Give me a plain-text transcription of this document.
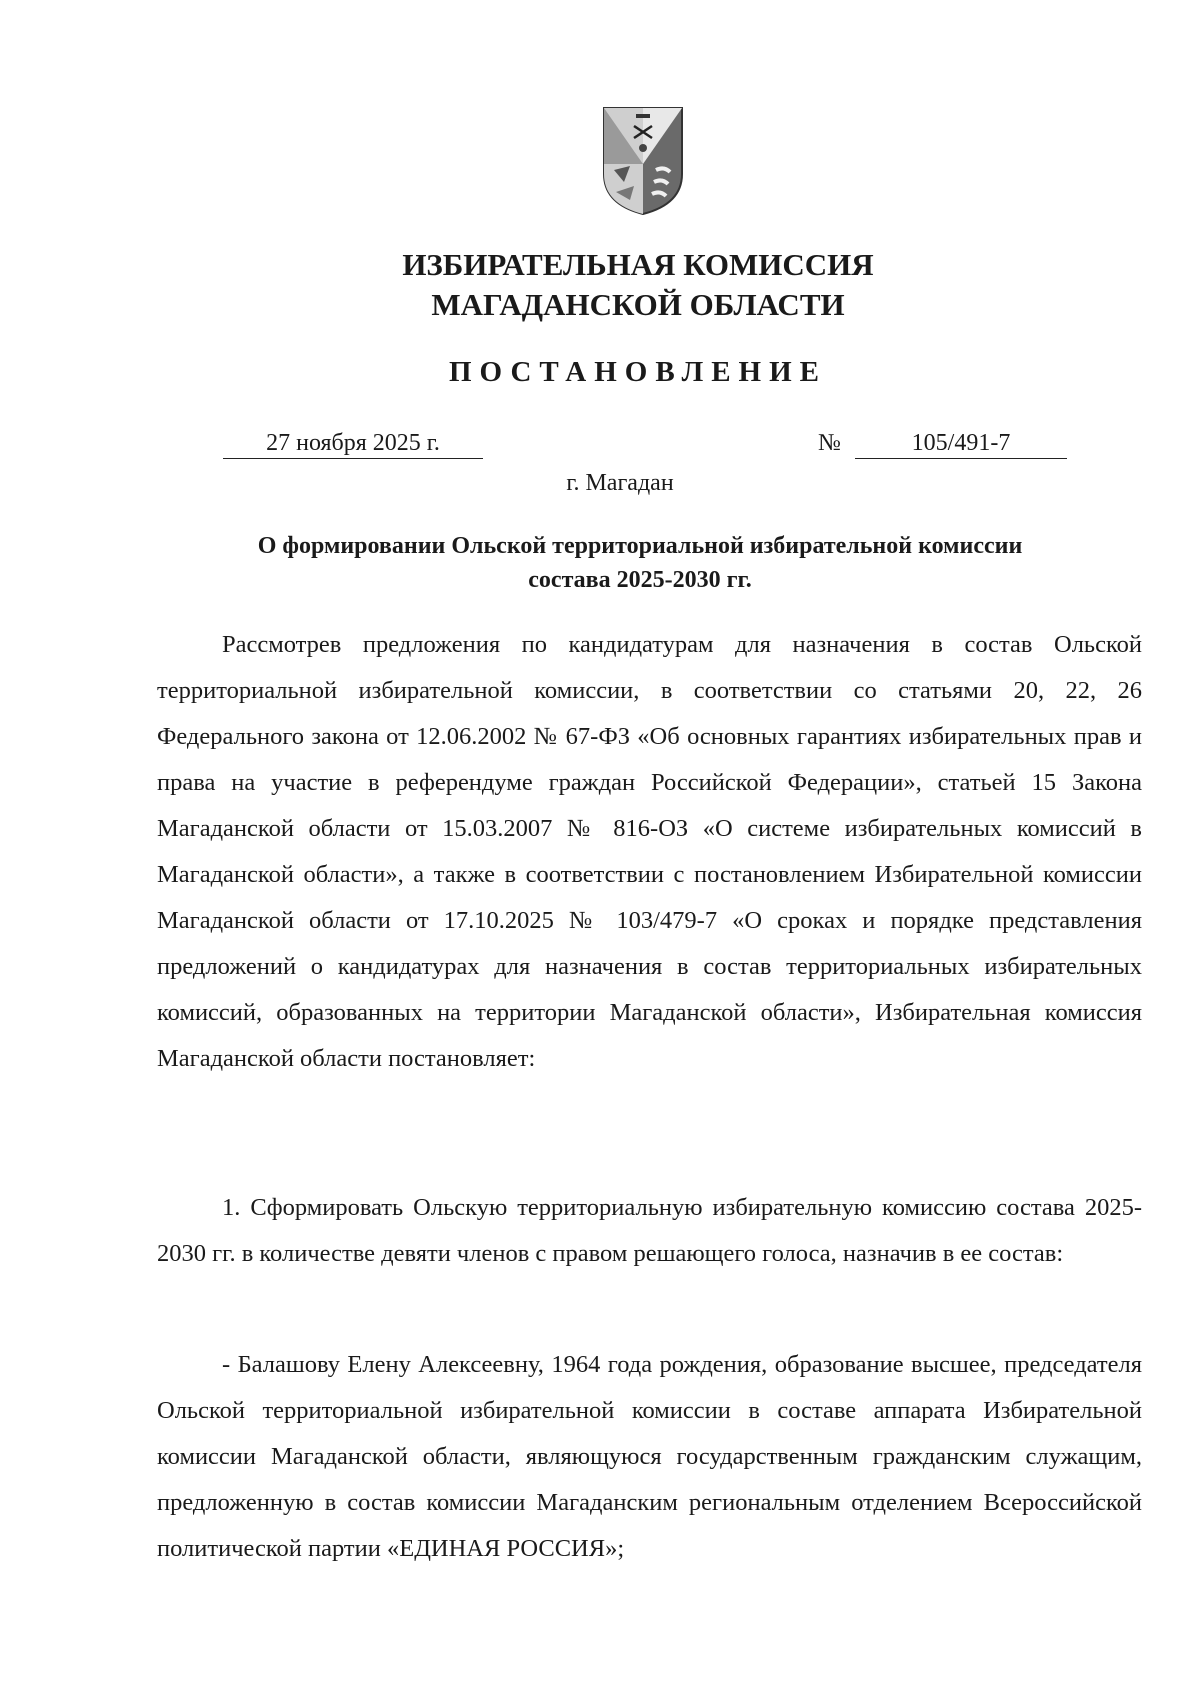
ИЗБИРАТЕЛЬНАЯ КОМИССИЯ
МАГАДАНСКОЙ ОБЛАСТИ
ПОСТАНОВЛЕНИЕ
27 ноября 2025 г.	№	105/491-7
г. Магадан
О формировании Ольской территориальной избирательной комиссии
состава 2025-2030 гг.

Рассмотрев предложения по кандидатурам для назначения в состав Ольской территориальной избирательной комиссии, в соответствии со статьями 20, 22, 26 Федерального закона от 12.06.2002 № 67-ФЗ «Об основных гарантиях избирательных прав и права на участие в референдуме граждан Российской Федерации», статьей 15 Закона Магаданской области от 15.03.2007 № 816-ОЗ «О системе избирательных комиссий в Магаданской области», а также в соответствии с постановлением Избирательной комиссии Магаданской области от 17.10.2025 № 103/479-7 «О сроках и порядке представления предложений о кандидатурах для назначения в состав территориальных избирательных комиссий, образованных на территории Магаданской области», Избирательная комиссия Магаданской области постановляет:

1. Сформировать Ольскую территориальную избирательную комиссию состава 2025-2030 гг. в количестве девяти членов с правом решающего голоса, назначив в ее состав:

- Балашову Елену Алексеевну, 1964 года рождения, образование высшее, председателя Ольской территориальной избирательной комиссии в составе аппарата Избирательной комиссии Магаданской области, являющуюся государственным гражданским служащим, предложенную в состав комиссии Магаданским региональным отделением Всероссийской политической партии «ЕДИНАЯ РОССИЯ»;
